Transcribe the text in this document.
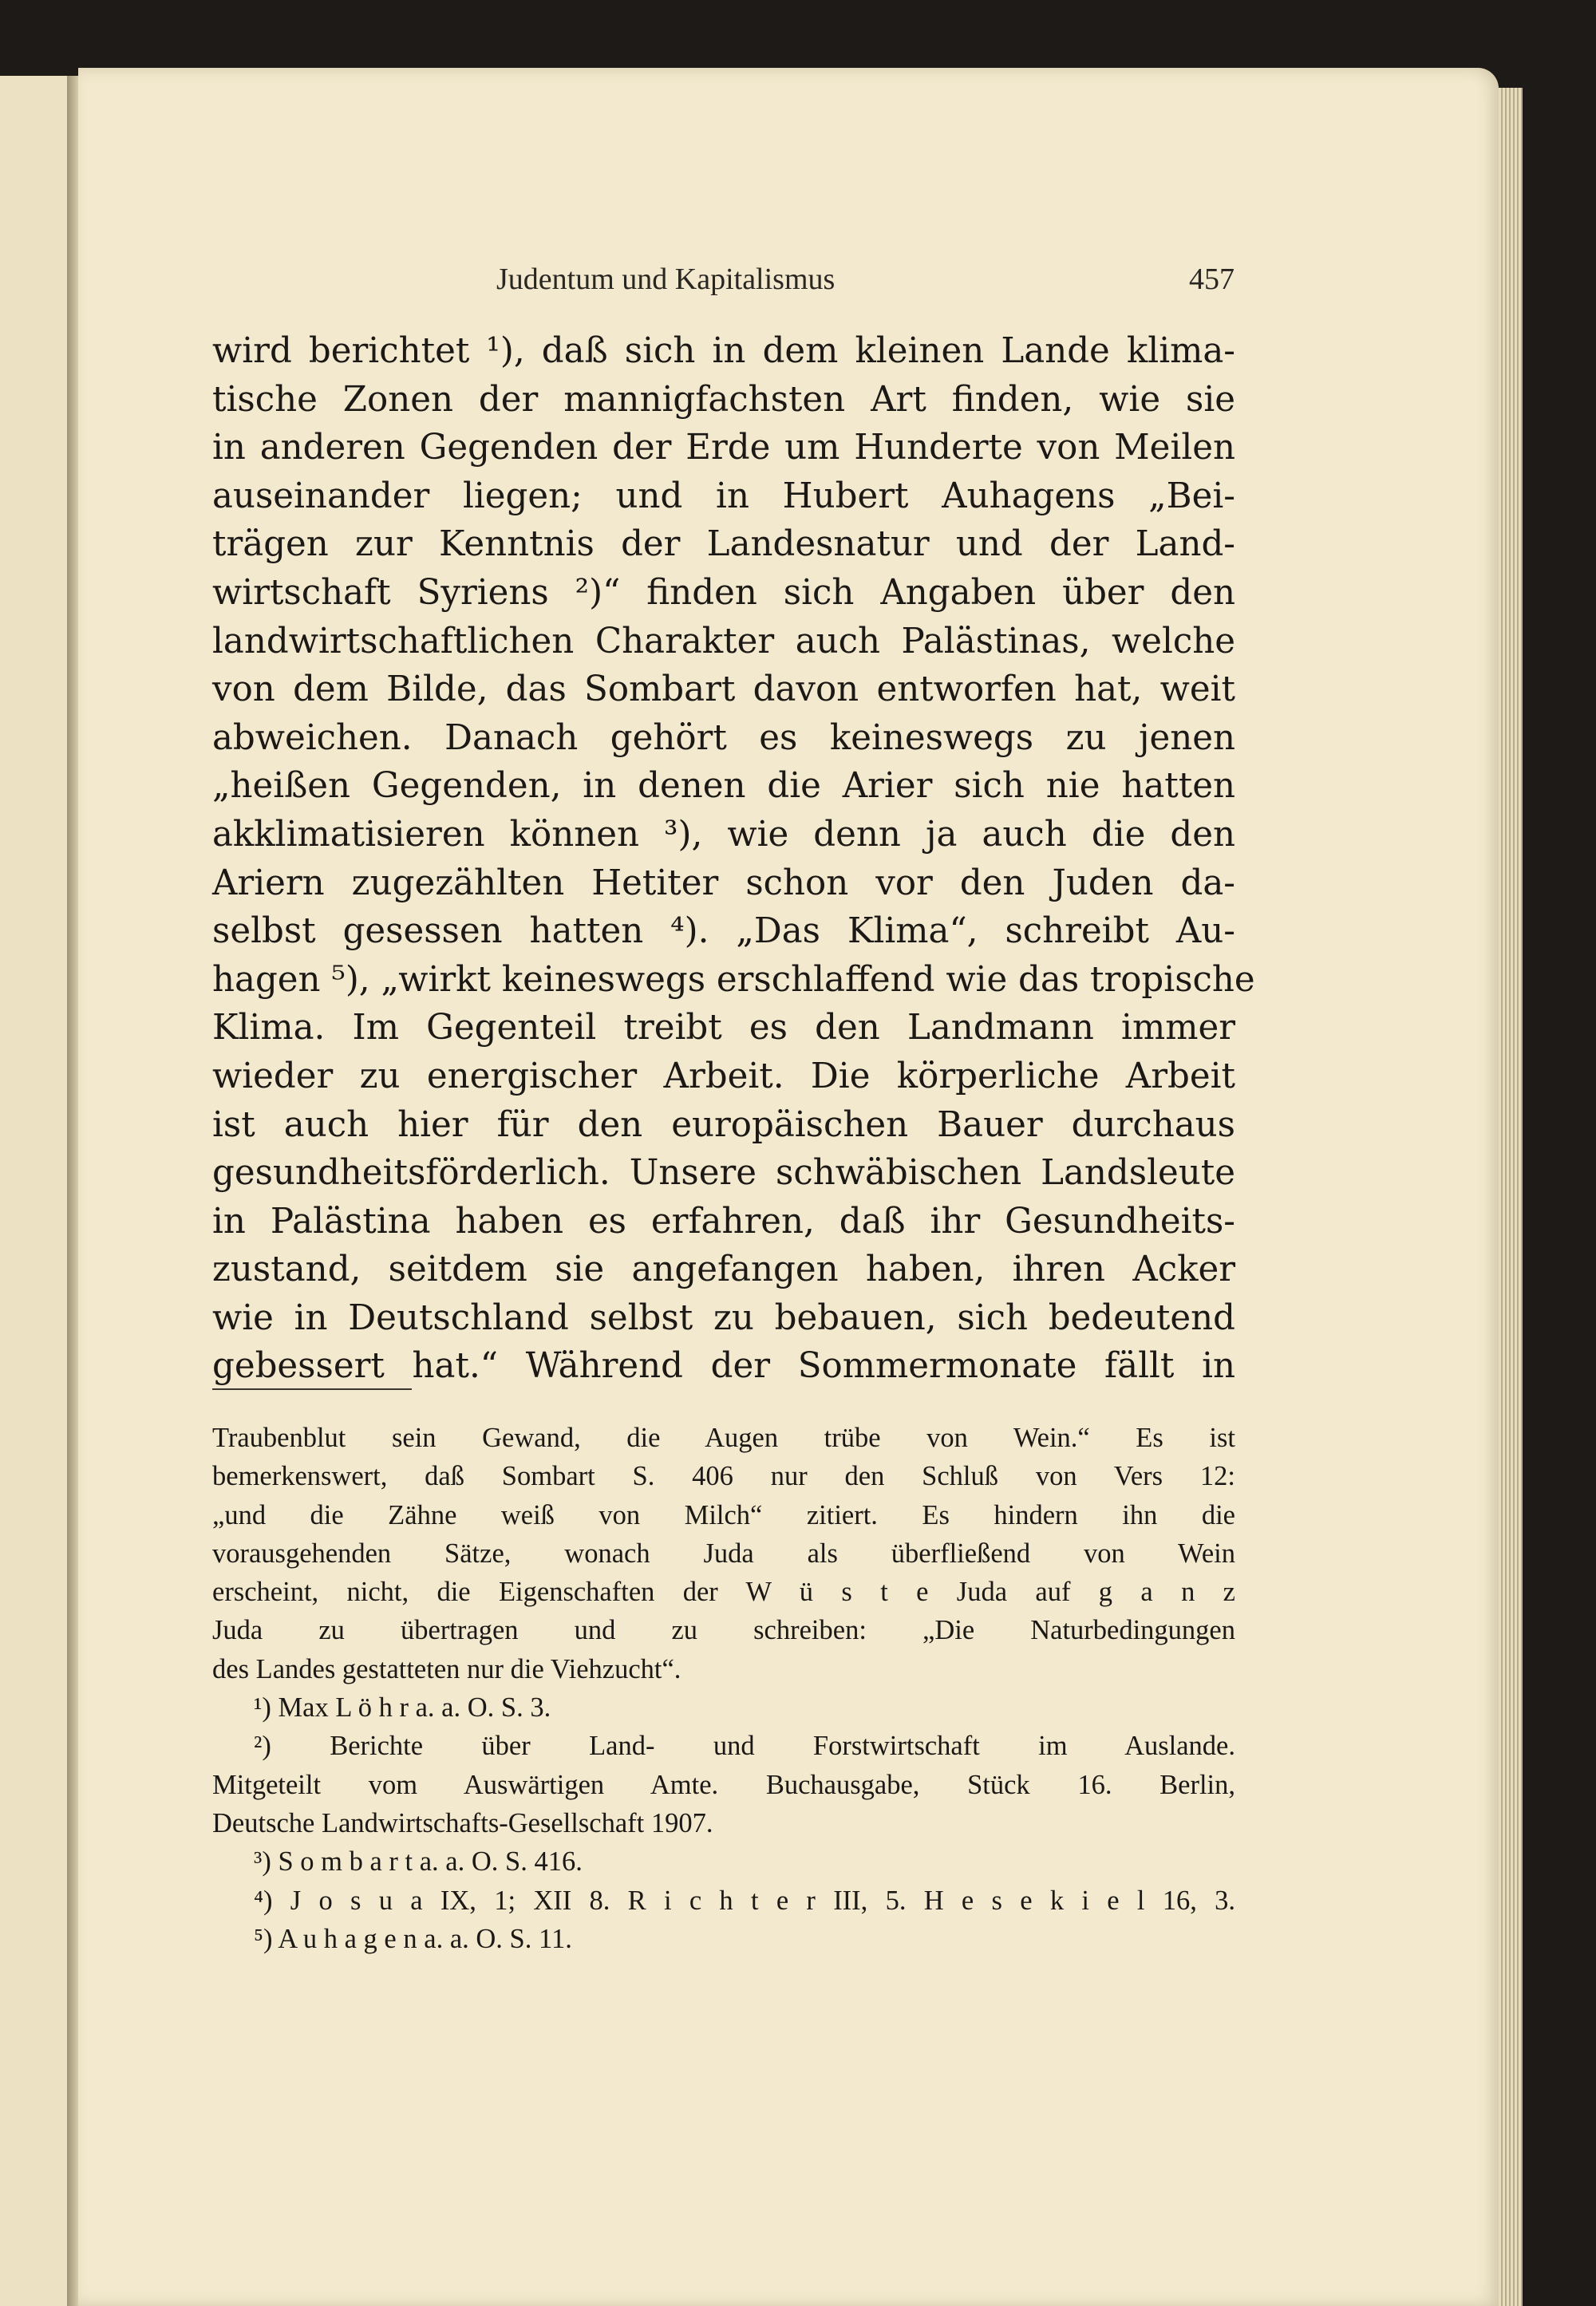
Judentum und Kapitalismus	457
wird berichtet ¹), daß sich in dem kleinen Lande klima-
tische Zonen der mannigfachsten Art finden, wie sie
in anderen Gegenden der Erde um Hunderte von Meilen
auseinander liegen; und in Hubert Auhagens „Bei-
trägen zur Kenntnis der Landesnatur und der Land-
wirtschaft Syriens ²)“ finden sich Angaben über den
landwirtschaftlichen Charakter auch Palästinas, welche
von dem Bilde, das Sombart davon entworfen hat, weit
abweichen. Danach gehört es keineswegs zu jenen
„heißen Gegenden, in denen die Arier sich nie hatten
akklimatisieren können ³), wie denn ja auch die den
Ariern zugezählten Hetiter schon vor den Juden da-
selbst gesessen hatten ⁴). „Das Klima“, schreibt Au-
hagen ⁵), „wirkt keineswegs erschlaffend wie das tropische
Klima. Im Gegenteil treibt es den Landmann immer
wieder zu energischer Arbeit. Die körperliche Arbeit
ist auch hier für den europäischen Bauer durchaus
gesundheitsförderlich. Unsere schwäbischen Landsleute
in Palästina haben es erfahren, daß ihr Gesundheits-
zustand, seitdem sie angefangen haben, ihren Acker
wie in Deutschland selbst zu bebauen, sich bedeutend
gebessert hat.“ Während der Sommermonate fällt in
Traubenblut sein Gewand, die Augen trübe von Wein.“ Es ist
bemerkenswert, daß Sombart S. 406 nur den Schluß von Vers 12:
„und die Zähne weiß von Milch“ zitiert. Es hindern ihn die
vorausgehenden Sätze, wonach Juda als überfließend von Wein
erscheint, nicht, die Eigenschaften der W ü s t e Juda auf g a n z
Juda zu übertragen und zu schreiben: „Die Naturbedingungen
des Landes gestatteten nur die Viehzucht“.
¹) Max L ö h r a. a. O. S. 3.
²) Berichte über Land- und Forstwirtschaft im Auslande.
Mitgeteilt vom Auswärtigen Amte. Buchausgabe, Stück 16. Berlin,
Deutsche Landwirtschafts-Gesellschaft 1907.
³) S o m b a r t a. a. O. S. 416.
⁴) J o s u a IX, 1; XII 8. R i c h t e r III, 5. H e s e k i e l 16, 3.
⁵) A u h a g e n a. a. O. S. 11.
